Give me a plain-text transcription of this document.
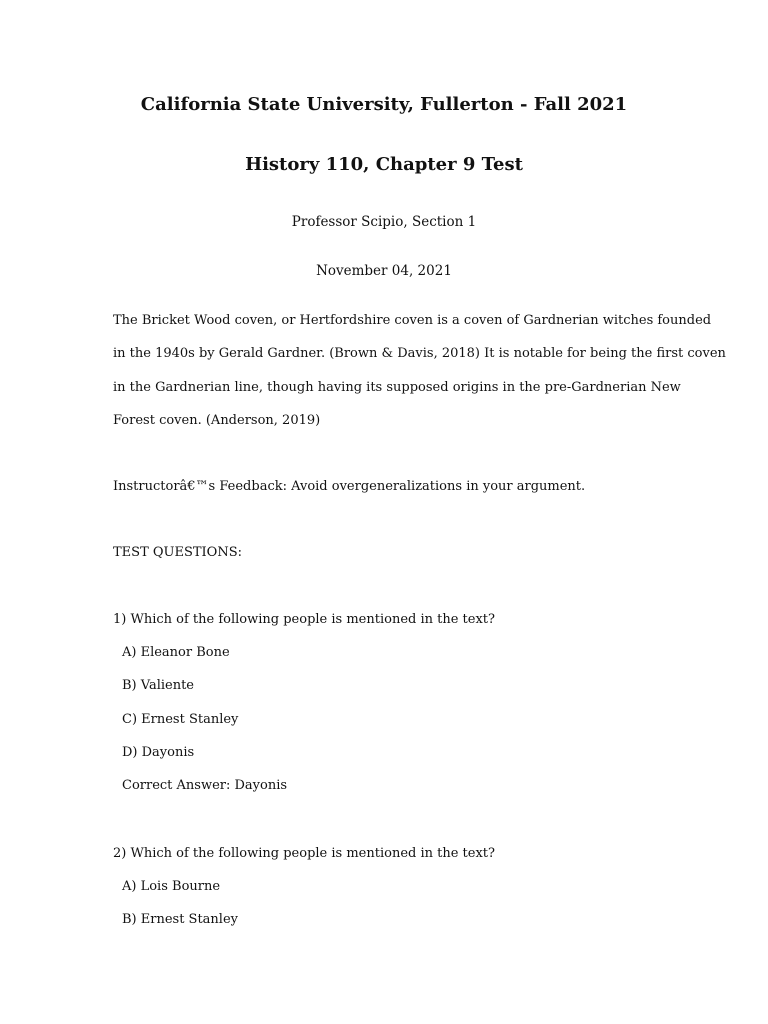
California State University, Fullerton - Fall 2021
History 110, Chapter 9 Test
Professor Scipio, Section 1
November 04, 2021
The Bricket Wood coven, or Hertfordshire coven is a coven of Gardnerian witches founded
in the 1940s by Gerald Gardner. (Brown & Davis, 2018) It is notable for being the first coven
in the Gardnerian line, though having its supposed origins in the pre-Gardnerian New
Forest coven. (Anderson, 2019)
Instructorâ€™s Feedback: Avoid overgeneralizations in your argument.
TEST QUESTIONS:
1) Which of the following people is mentioned in the text?
A) Eleanor Bone
B) Valiente
C) Ernest Stanley
D) Dayonis
Correct Answer: Dayonis
2) Which of the following people is mentioned in the text?
A) Lois Bourne
B) Ernest Stanley
